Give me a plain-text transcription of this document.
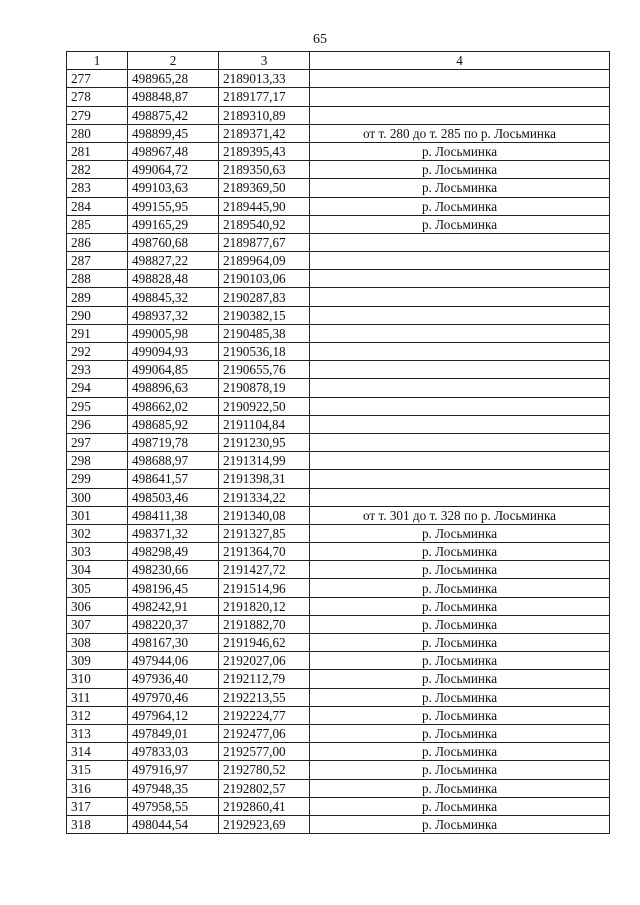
65
1	2	3	4
277	498965,28	2189013,33	
278	498848,87	2189177,17	
279	498875,42	2189310,89	
280	498899,45	2189371,42	от т. 280 до т. 285 по р. Лосьминка
281	498967,48	2189395,43	р. Лосьминка
282	499064,72	2189350,63	р. Лосьминка
283	499103,63	2189369,50	р. Лосьминка
284	499155,95	2189445,90	р. Лосьминка
285	499165,29	2189540,92	р. Лосьминка
286	498760,68	2189877,67	
287	498827,22	2189964,09	
288	498828,48	2190103,06	
289	498845,32	2190287,83	
290	498937,32	2190382,15	
291	499005,98	2190485,38	
292	499094,93	2190536,18	
293	499064,85	2190655,76	
294	498896,63	2190878,19	
295	498662,02	2190922,50	
296	498685,92	2191104,84	
297	498719,78	2191230,95	
298	498688,97	2191314,99	
299	498641,57	2191398,31	
300	498503,46	2191334,22	
301	498411,38	2191340,08	от т. 301 до т. 328 по р. Лосьминка
302	498371,32	2191327,85	р. Лосьминка
303	498298,49	2191364,70	р. Лосьминка
304	498230,66	2191427,72	р. Лосьминка
305	498196,45	2191514,96	р. Лосьминка
306	498242,91	2191820,12	р. Лосьминка
307	498220,37	2191882,70	р. Лосьминка
308	498167,30	2191946,62	р. Лосьминка
309	497944,06	2192027,06	р. Лосьминка
310	497936,40	2192112,79	р. Лосьминка
311	497970,46	2192213,55	р. Лосьминка
312	497964,12	2192224,77	р. Лосьминка
313	497849,01	2192477,06	р. Лосьминка
314	497833,03	2192577,00	р. Лосьминка
315	497916,97	2192780,52	р. Лосьминка
316	497948,35	2192802,57	р. Лосьминка
317	497958,55	2192860,41	р. Лосьминка
318	498044,54	2192923,69	р. Лосьминка
